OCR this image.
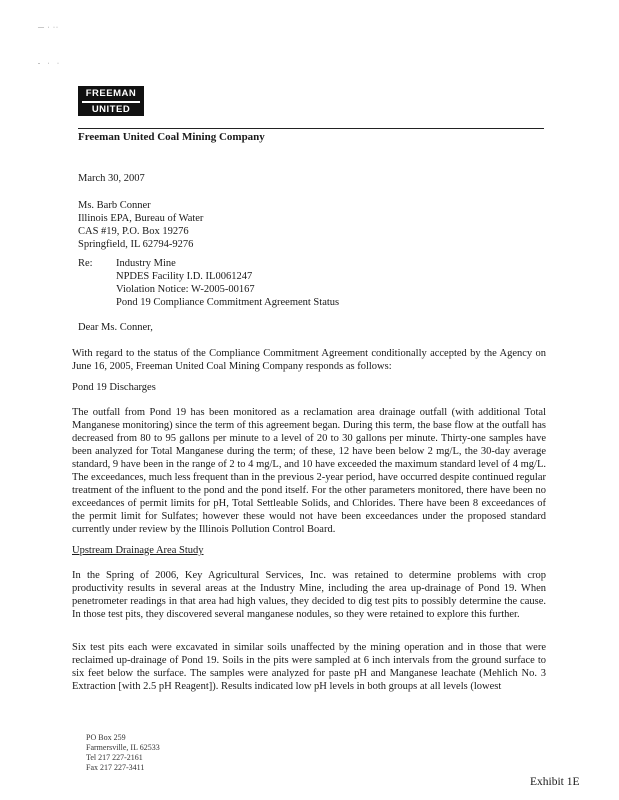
— · ··
- · ·
FREEMAN
UNITED
Freeman United Coal Mining Company
March 30, 2007
Ms. Barb Conner
Illinois EPA, Bureau of Water
CAS #19, P.O. Box 19276
Springfield, IL 62794-9276
Re: Industry Mine
NPDES Facility I.D. IL0061247
Violation Notice: W-2005-00167
Pond 19 Compliance Commitment Agreement Status
Dear Ms. Conner,
With regard to the status of the Compliance Commitment Agreement conditionally accepted by the Agency on June 16, 2005, Freeman United Coal Mining Company responds as follows:
Pond 19 Discharges
The outfall from Pond 19 has been monitored as a reclamation area drainage outfall (with additional Total Manganese monitoring) since the term of this agreement began. During this term, the base flow at the outfall has decreased from 80 to 95 gallons per minute to a level of 20 to 30 gallons per minute. Thirty-one samples have been analyzed for Total Manganese during the term; of these, 12 have been below 2 mg/L, the 30-day average standard, 9 have been in the range of 2 to 4 mg/L, and 10 have exceeded the maximum standard level of 4 mg/L. The exceedances, much less frequent than in the previous 2-year period, have occurred despite continued regular treatment of the influent to the pond and the pond itself. For the other parameters monitored, there have been no exceedances of permit limits for pH, Total Settleable Solids, and Chlorides. There have been 8 exceedances of the permit limit for Sulfates; however these would not have been exceedances under the proposed standard currently under review by the Illinois Pollution Control Board.
Upstream Drainage Area Study
In the Spring of 2006, Key Agricultural Services, Inc. was retained to determine problems with crop productivity results in several areas at the Industry Mine, including the area up-drainage of Pond 19. When penetrometer readings in that area had high values, they decided to dig test pits to possibly determine the cause. In those test pits, they discovered several manganese nodules, so they were retained to explore this further.
Six test pits each were excavated in similar soils unaffected by the mining operation and in those that were reclaimed up-drainage of Pond 19. Soils in the pits were sampled at 6 inch intervals from the ground surface to six feet below the surface. The samples were analyzed for paste pH and Manganese leachate (Mehlich No. 3 Extraction [with 2.5 pH Reagent]). Results indicated low pH levels in both groups at all levels (lowest
PO Box 259
Farmersville, IL 62533
Tel 217 227-2161
Fax 217 227-3411
Exhibit 1E
